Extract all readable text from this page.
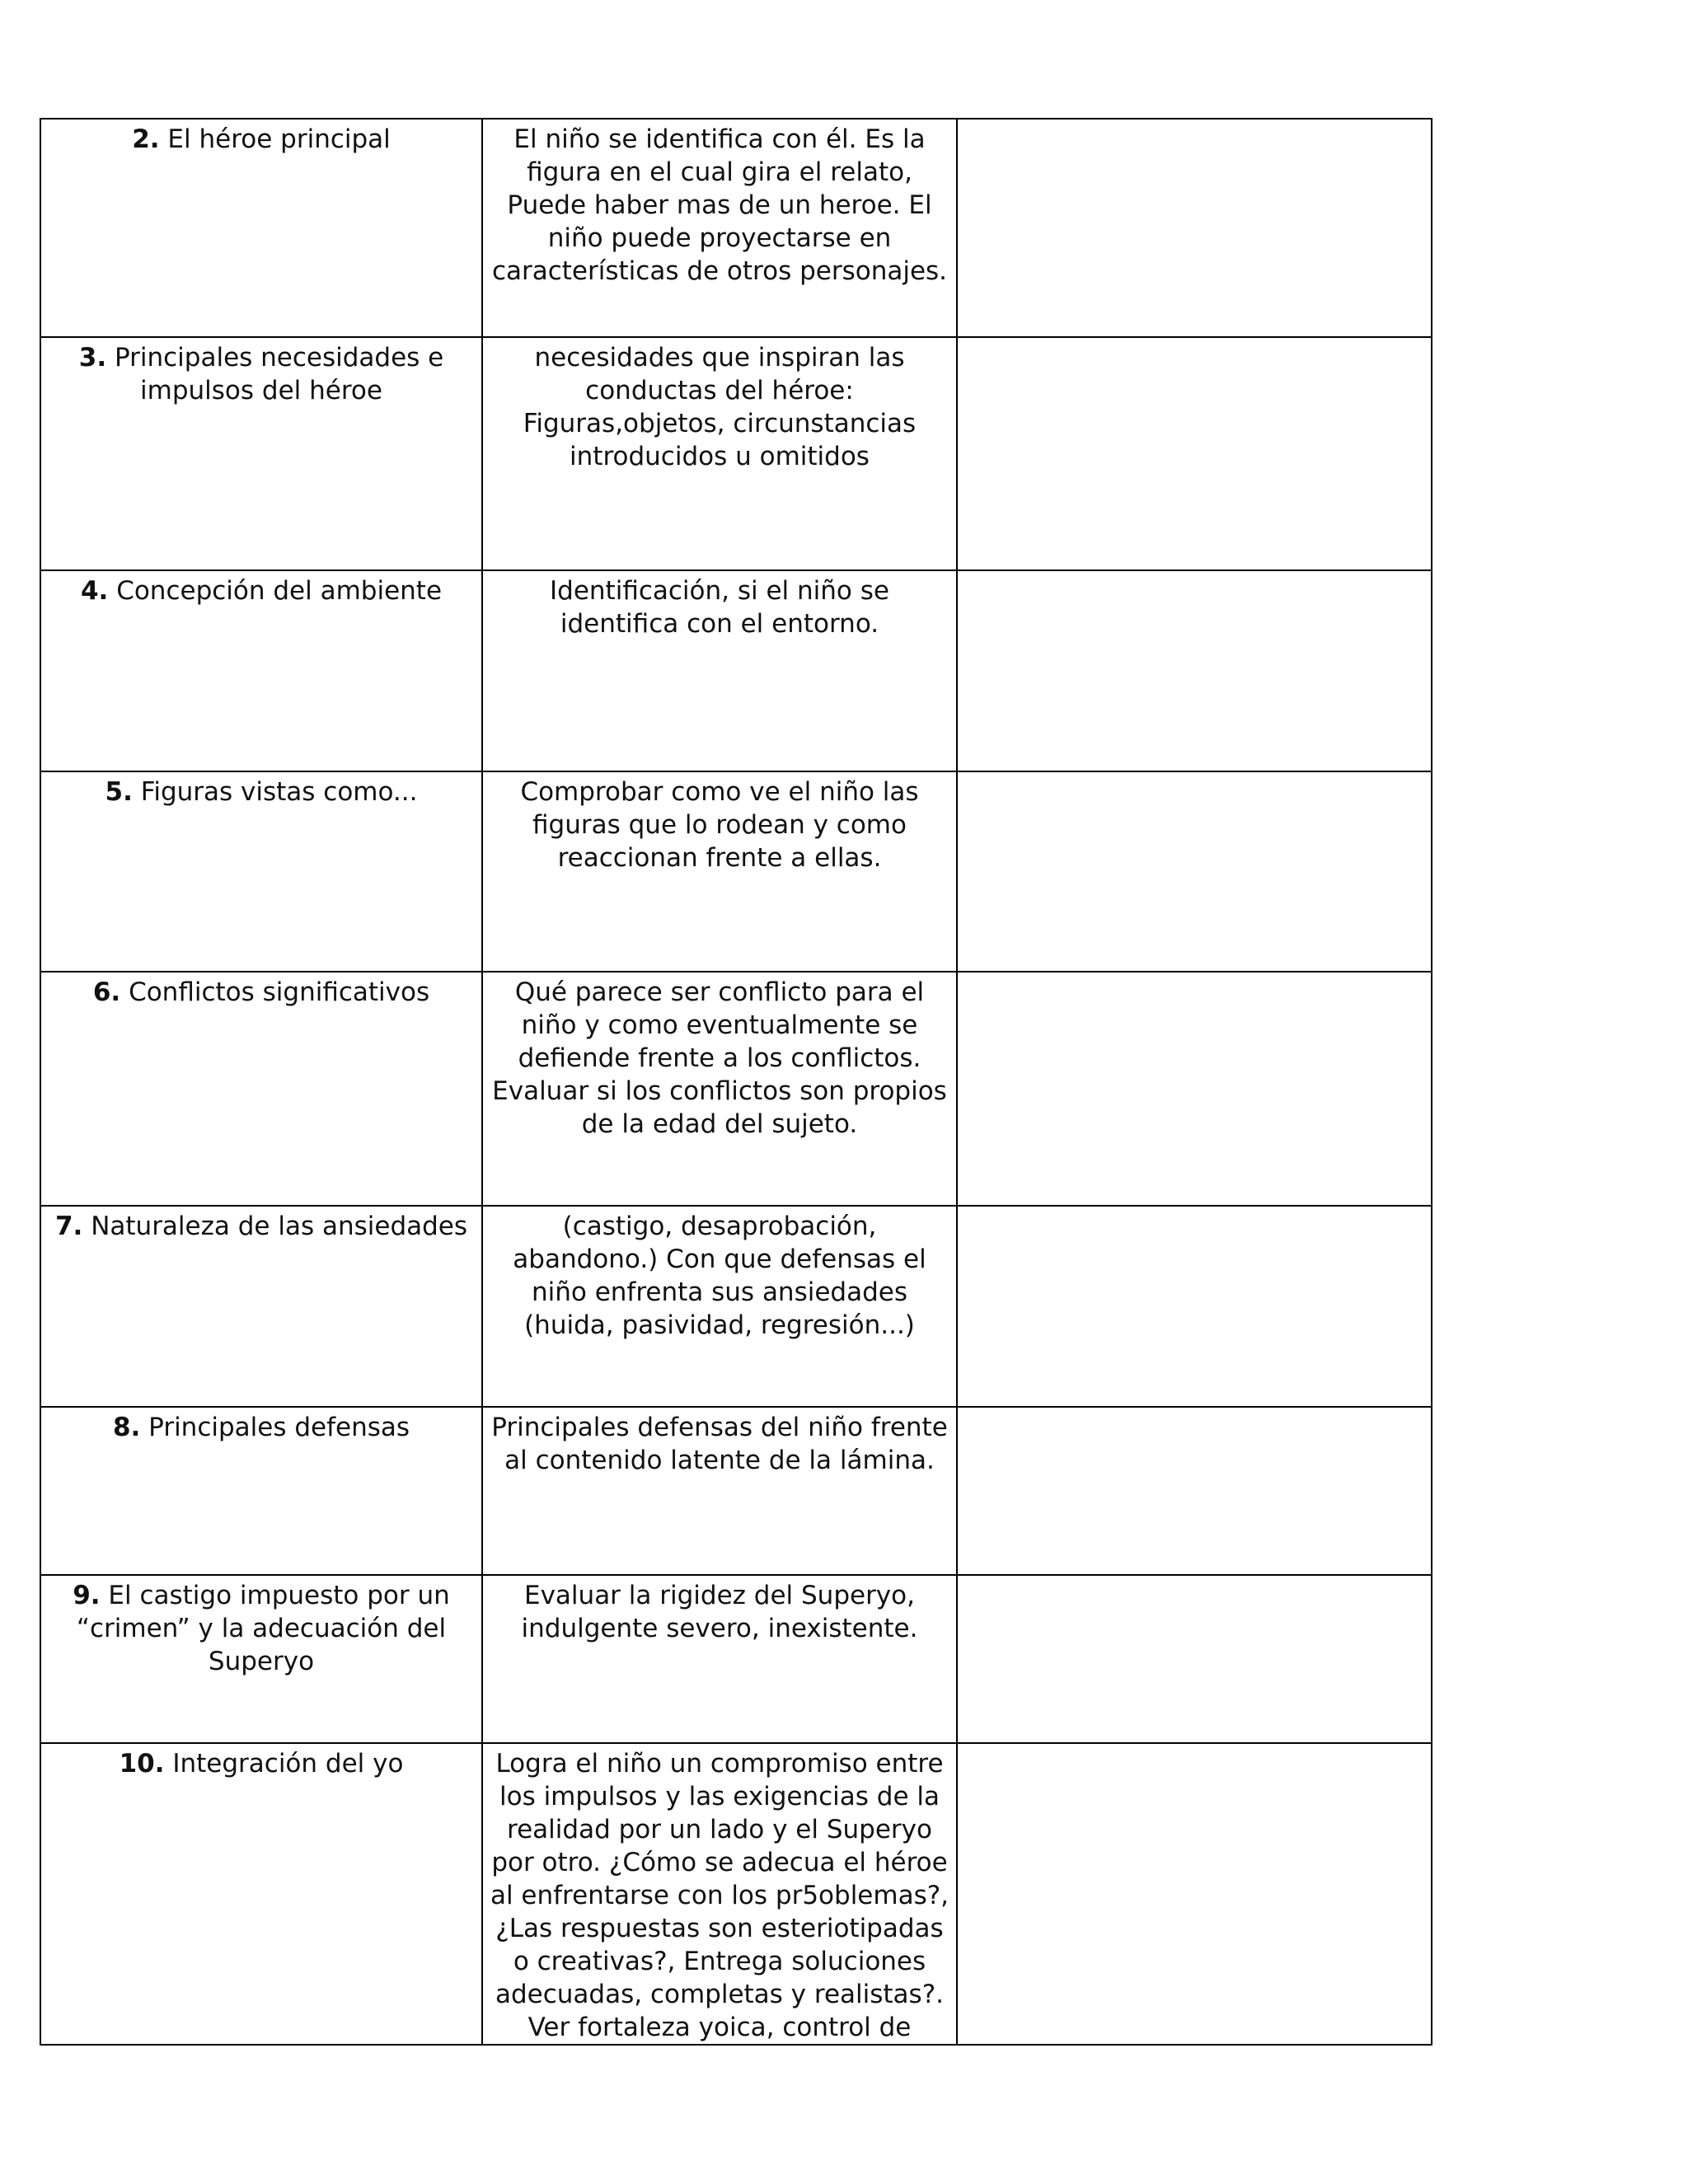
2. El héroe principal	El niño se identifica con él. Es la figura en el cual gira el relato, Puede haber mas de un heroe. El niño puede proyectarse en características de otros personajes.	
3. Principales necesidades e impulsos del héroe	necesidades que inspiran las conductas del héroe: Figuras,objetos, circunstancias introducidos u omitidos	
4. Concepción del ambiente	Identificación, si el niño se identifica con el entorno.	
5. Figuras vistas como...	Comprobar como ve el niño las figuras que lo rodean y como reaccionan frente a ellas.	
6. Conflictos significativos	Qué parece ser conflicto para el niño y como eventualmente se defiende frente a los conflictos. Evaluar si los conflictos son propios de la edad del sujeto.	
7. Naturaleza de las ansiedades	(castigo, desaprobación, abandono.) Con que defensas el niño enfrenta sus ansiedades (huida, pasividad, regresión...)	
8. Principales defensas	Principales defensas del niño frente al contenido latente de la lámina.	
9. El castigo impuesto por un “crimen” y la adecuación del Superyo	Evaluar la rigidez del Superyo, indulgente severo, inexistente.	
10. Integración del yo	Logra el niño un compromiso entre los impulsos y las exigencias de la realidad por un lado y el Superyo por otro. ¿Cómo se adecua el héroe al enfrentarse con los pr5oblemas?, ¿Las respuestas son esteriotipadas o creativas?, Entrega soluciones adecuadas, completas y realistas?. Ver fortaleza yoica, control de	
